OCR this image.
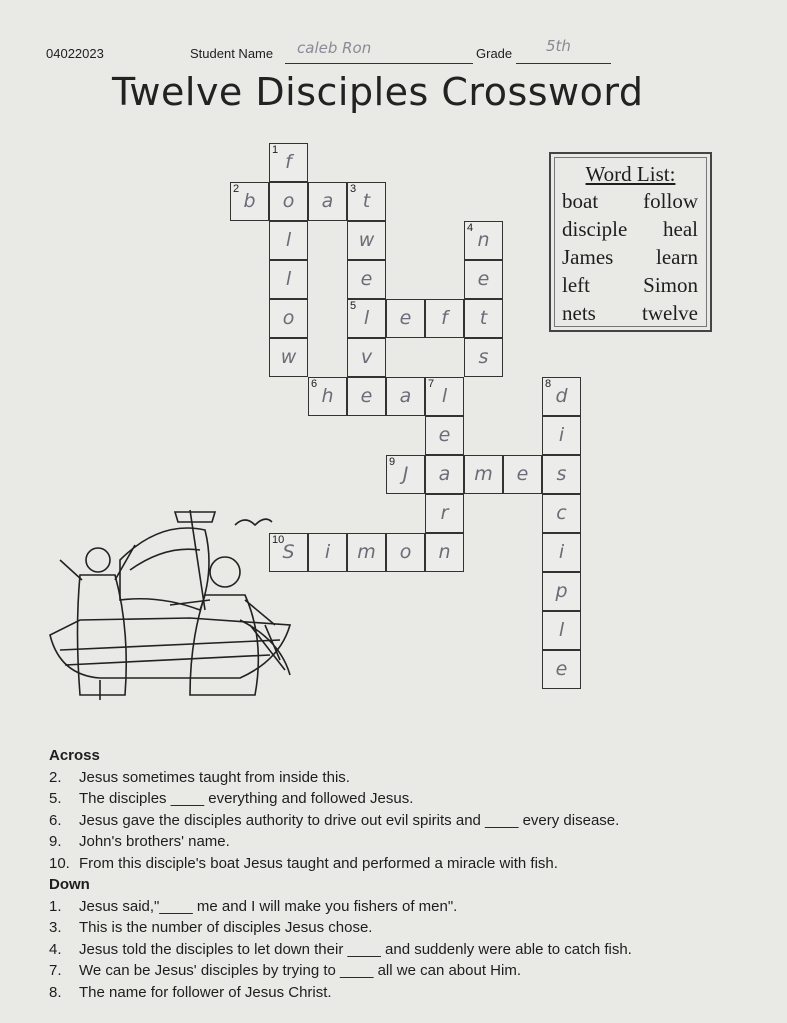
04022023	Student Name caleb Ron	Grade 5th
Twelve Disciples Crossword
1
f
2
b	o	a
3
t
l	w
4
n
l	e	e
o
5
l	e	f	t
w	v	s
6
h	e	a
7
l
8
d
e	i
9
J	a	m	e	s
r	c
10
S	i	m	o	n	i
p
l
e
Word List:
boat follow
disciple heal
James learn
left	Simon
nets twelve
Across
2. Jesus sometimes taught from inside this.
5. The disciples ____ everything and followed Jesus.
6. Jesus gave the disciples authority to drive out evil spirits and ____ every disease.
9. John's brothers' name.
10. From this disciple's boat Jesus taught and performed a miracle with fish.
Down
1. Jesus said,"____ me and I will make you fishers of men".
3. This is the number of disciples Jesus chose.
4. Jesus told the disciples to let down their ____ and suddenly were able to catch fish.
7. We can be Jesus' disciples by trying to ____ all we can about Him.
8. The name for follower of Jesus Christ.
